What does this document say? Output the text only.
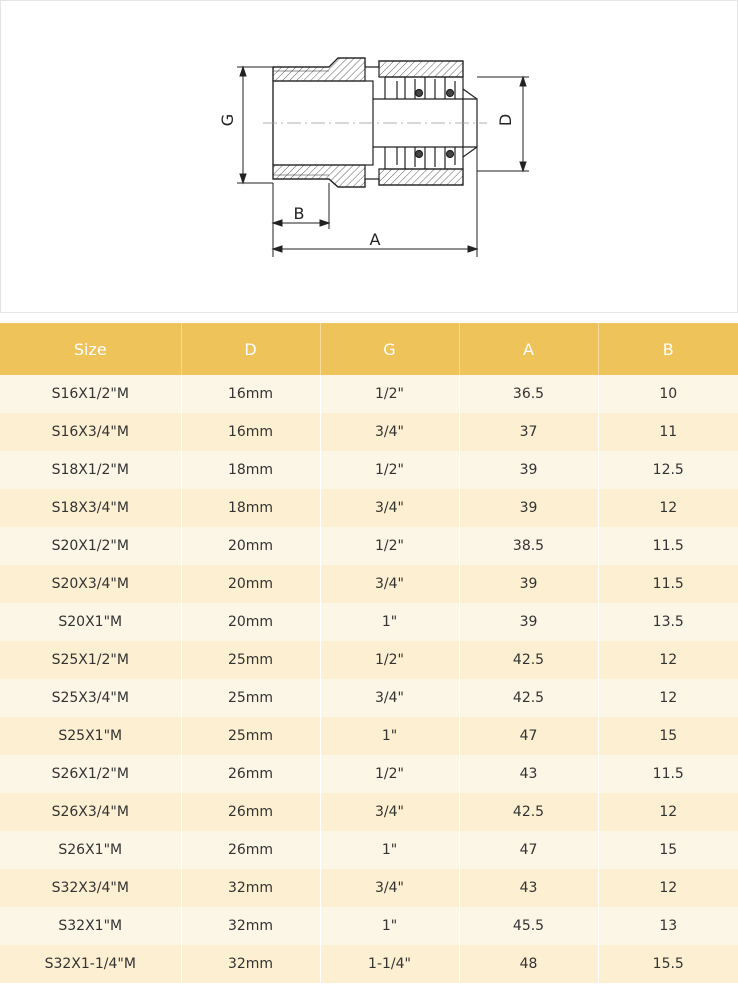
G	D
B
A
Size	D	G	A	B
S16X1/2"M	16mm	1/2"	36.5	10
S16X3/4"M	16mm	3/4"	37	11
S18X1/2"M	18mm	1/2"	39	12.5
S18X3/4"M	18mm	3/4"	39	12
S20X1/2"M	20mm	1/2"	38.5	11.5
S20X3/4"M	20mm	3/4"	39	11.5
S20X1"M	20mm	1"	39	13.5
S25X1/2"M	25mm	1/2"	42.5	12
S25X3/4"M	25mm	3/4"	42.5	12
S25X1"M	25mm	1"	47	15
S26X1/2"M	26mm	1/2"	43	11.5
S26X3/4"M	26mm	3/4"	42.5	12
S26X1"M	26mm	1"	47	15
S32X3/4"M	32mm	3/4"	43	12
S32X1"M	32mm	1"	45.5	13
S32X1-1/4"M	32mm	1-1/4"	48	15.5
